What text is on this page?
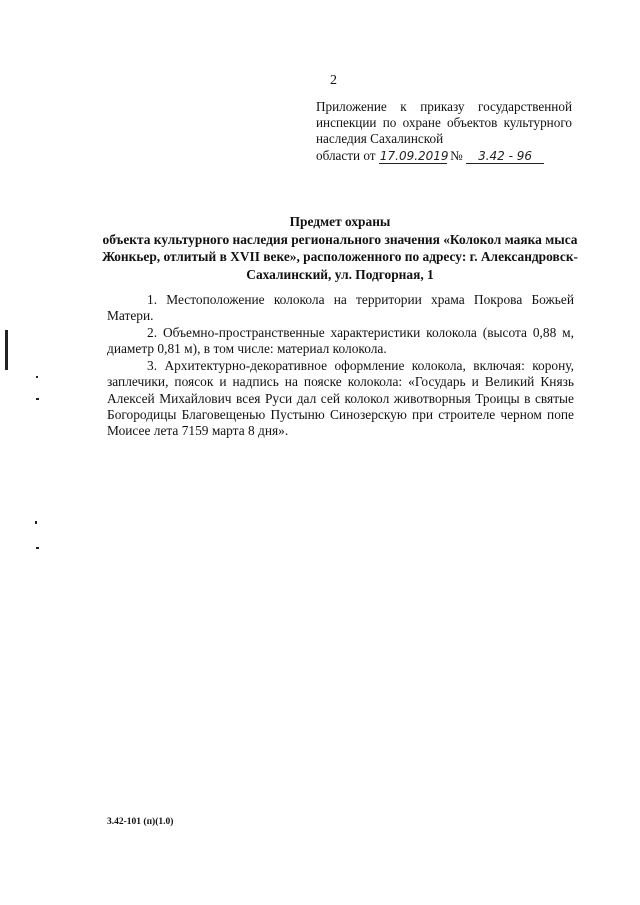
2
Приложение к приказу государственной инспекции по охране объектов культурного наследия Сахалинской
области от 17.09.2019 № 3.42 - 96

Предмет охраны

объекта культурного наследия регионального значения «Колокол маяка мыса Жонкьер, отлитый в XVII веке», расположенного по адресу: г. Александровск-Сахалинский, ул. Подгорная, 1

1. Местоположение колокола на территории храма Покрова Божьей Матери.

2. Объемно-пространственные характеристики колокола (высота 0,88 м, диаметр 0,81 м), в том числе: материал колокола.

3. Архитектурно-декоративное оформление колокола, включая: корону, заплечики, поясок и надпись на пояске колокола: «Государь и Великий Князь Алексей Михайлович всея Руси дал сей колокол животворныя Троицы в святые Богородицы Благовещенью Пустыню Синозерскую при строителе черном попе Моисее лета 7159 марта 8 дня».

3.42-101 (п)(1.0)
